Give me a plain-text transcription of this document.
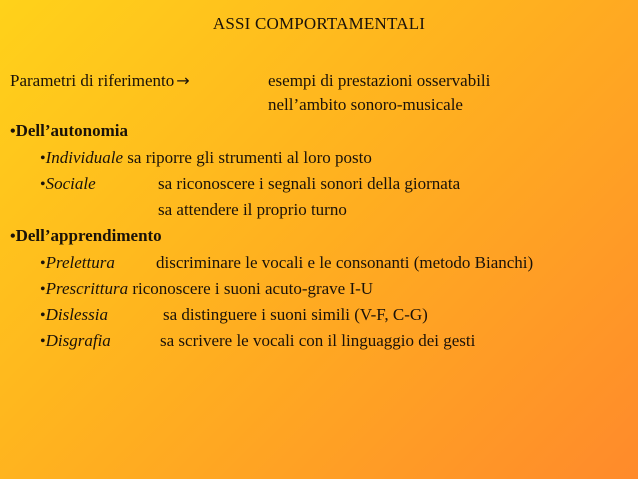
ASSI COMPORTAMENTALI
Parametri di riferimento →	esempi di prestazioni osservabili
nell’ambito sonoro-musicale
•Dell’autonomia
•Individuale sa riporre gli strumenti al loro posto
•Sociale	sa riconoscere i segnali sonori della giornata
sa attendere il proprio turno
•Dell’apprendimento
•Prelettura discriminare le vocali e le consonanti (metodo Bianchi)
•Prescrittura riconoscere i suoni acuto-grave I-U
•Dislessia	sa distinguere i suoni simili (V-F, C-G)
•Disgrafia	sa scrivere le vocali con il linguaggio dei gesti
